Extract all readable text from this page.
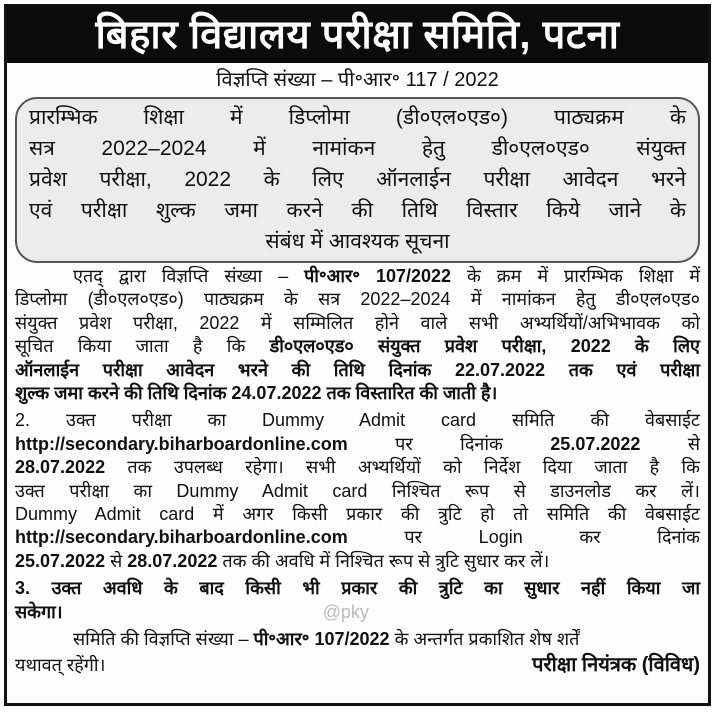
बिहार विद्यालय परीक्षा समिति, पटना
विज्ञप्ति संख्या – पी॰आर॰ 117 / 2022
प्रारम्भिक शिक्षा में डिप्लोमा (डी०एल०एड०) पाठ्यक्रम के
सत्र 2022–2024 में नामांकन हेतु डी०एल०एड० संयुक्त
प्रवेश परीक्षा, 2022 के लिए ऑनलाईन परीक्षा आवेदन भरने
एवं परीक्षा शुल्क जमा करने की तिथि विस्तार किये जाने के
संबंध में आवश्यक सूचना
एतद् द्वारा विज्ञप्ति संख्या – पी॰आर॰ 107/2022 के क्रम में प्रारम्भिक शिक्षा में
डिप्लोमा (डी०एल०एड०) पाठ्यक्रम के सत्र 2022–2024 में नामांकन हेतु डी०एल०एड०
संयुक्त प्रवेश परीक्षा, 2022 में सम्मिलित होने वाले सभी अभ्यर्थियों/अभिभावक को
सूचित किया जाता है कि डी०एल०एड० संयुक्त प्रवेश परीक्षा, 2022 के लिए
ऑनलाईन परीक्षा आवेदन भरने की तिथि दिनांक 22.07.2022 तक एवं परीक्षा
शुल्क जमा करने की तिथि दिनांक 24.07.2022 तक विस्तारित की जाती है।
2. उक्त परीक्षा का Dummy Admit card समिति की वेबसाईट
http://secondary.biharboardonline.com पर दिनांक 25.07.2022 से
28.07.2022 तक उपलब्ध रहेगा। सभी अभ्यर्थियों को निर्देश दिया जाता है कि
उक्त परीक्षा का Dummy Admit card निश्चित रूप से डाउनलोड कर लें।
Dummy Admit card में अगर किसी प्रकार की त्रुटि हो तो समिति की वेबसाईट
http://secondary.biharboardonline.com पर Login कर दिनांक
25.07.2022 से 28.07.2022 तक की अवधि में निश्चित रूप से त्रुटि सुधार कर लें।
3. उक्त अवधि के बाद किसी भी प्रकार की त्रुटि का सुधार नहीं किया जा
सकेगा।	@pky
समिति की विज्ञप्ति संख्या – पी॰आर॰ 107/2022 के अन्तर्गत प्रकाशित शेष शर्तें
यथावत् रहेंगी।	परीक्षा नियंत्रक (विविध)
